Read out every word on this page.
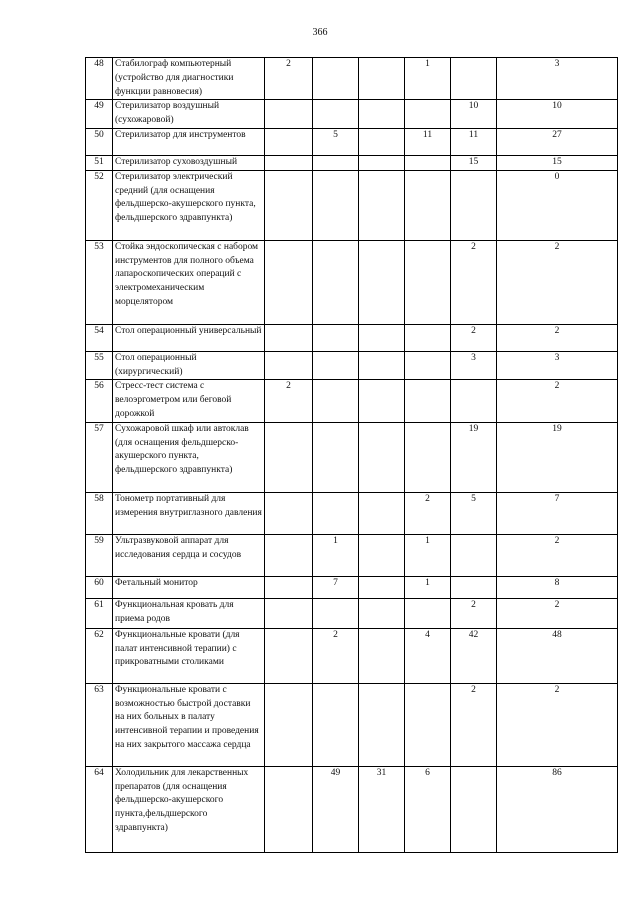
366
48	Стабилограф компьютерный (устройство для диагностики функции равновесия)	2			1		3
49	Стерилизатор воздушный (сухожаровой)					10	10
50	Стерилизатор для инструментов		5		11	11	27
51	Стерилизатор суховоздушный					15	15
52	Стерилизатор электрический средний (для оснащения фельдшерско-акушерского пункта, фельдшерского здравпункта)						0
53	Стойка эндоскопическая с набором инструментов для полного объема лапароскопических операций с электромеханическим морцелятором					2	2
54	Стол операционный универсальный					2	2
55	Стол операционный (хирургический)					3	3
56	Стресс-тест система с велоэргометром или беговой дорожкой	2					2
57	Сухожаровой шкаф или автоклав (для оснащения фельдшерско-акушерского пункта, фельдшерского здравпункта)					19	19
58	Тонометр портативный для измерения внутриглазного давления				2	5	7
59	Ультразвуковой аппарат для исследования сердца и сосудов		1		1		2
60	Фетальный монитор		7		1		8
61	Функциональная кровать для приема родов					2	2
62	Функциональные кровати (для палат интенсивной терапии) с прикроватными столиками		2		4	42	48
63	Функциональные кровати с возможностью быстрой доставки на них больных в палату интенсивной терапии и проведения на них закрытого массажа сердца					2	2
64	Холодильник для лекарственных препаратов (для оснащения фельдшерско-акушерского пункта,фельдшерского здравпункта)		49	31	6		86
